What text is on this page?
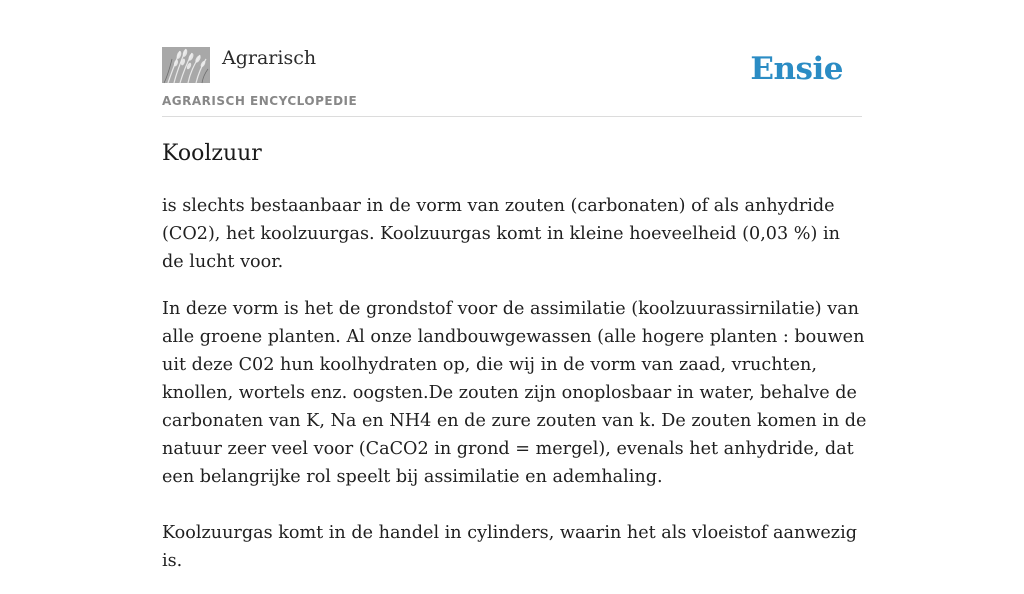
Agrarisch
AGRARISCH ENCYCLOPEDIE
Ensie
Koolzuur

is slechts bestaanbaar in de vorm van zouten (carbonaten) of als anhydride (CO2), het koolzuurgas. Koolzuurgas komt in kleine hoeveelheid (0,03 %) in de lucht voor.

In deze vorm is het de grondstof voor de assimilatie (koolzuurassirnilatie) van alle groene planten. Al onze landbouwgewassen (alle hogere planten : bouwen uit deze C02 hun koolhydraten op, die wij in de vorm van zaad, vruchten, knollen, wortels enz. oogsten.De zouten zijn onoplosbaar in water, behalve de carbonaten van K, Na en NH4 en de zure zouten van k. De zouten komen in de natuur zeer veel voor (CaCO2 in grond = mergel), evenals het anhydride, dat een belangrijke rol speelt bij assimilatie en ademhaling.

Koolzuurgas komt in de handel in cylinders, waarin het als vloeistof aanwezig is.
